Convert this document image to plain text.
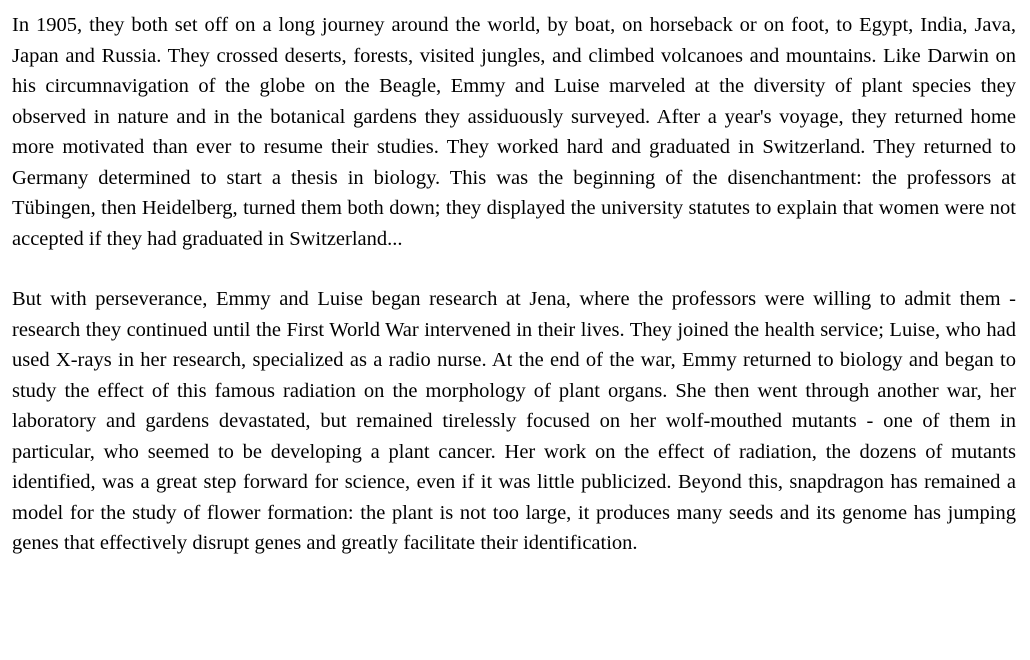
In 1905, they both set off on a long journey around the world, by boat, on horseback or on foot, to Egypt, India, Java, Japan and Russia. They crossed deserts, forests, visited jungles, and climbed volcanoes and mountains. Like Darwin on his circumnavigation of the globe on the Beagle, Emmy and Luise marveled at the diversity of plant species they observed in nature and in the botanical gardens they assiduously surveyed. After a year's voyage, they returned home more motivated than ever to resume their studies. They worked hard and graduated in Switzerland. They returned to Germany determined to start a thesis in biology. This was the beginning of the disenchantment: the professors at Tübingen, then Heidelberg, turned them both down; they displayed the university statutes to explain that women were not accepted if they had graduated in Switzerland...

But with perseverance, Emmy and Luise began research at Jena, where the professors were willing to admit them - research they continued until the First World War intervened in their lives. They joined the health service; Luise, who had used X-rays in her research, specialized as a radio nurse. At the end of the war, Emmy returned to biology and began to study the effect of this famous radiation on the morphology of plant organs. She then went through another war, her laboratory and gardens devastated, but remained tirelessly focused on her wolf-mouthed mutants - one of them in particular, who seemed to be developing a plant cancer. Her work on the effect of radiation, the dozens of mutants identified, was a great step forward for science, even if it was little publicized. Beyond this, snapdragon has remained a model for the study of flower formation: the plant is not too large, it produces many seeds and its genome has jumping genes that effectively disrupt genes and greatly facilitate their identification.
